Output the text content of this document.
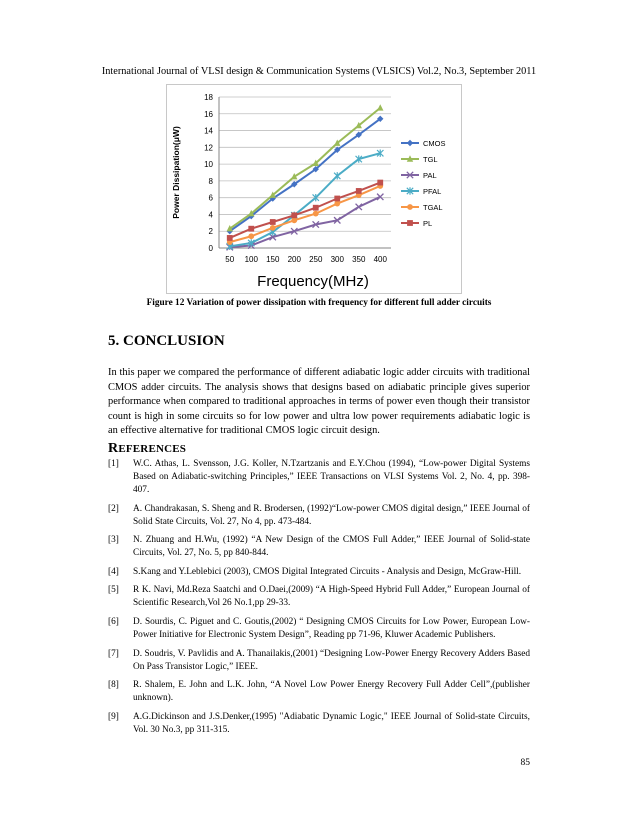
International Journal of VLSI design & Communication Systems (VLSICS) Vol.2, No.3, September 2011
0
2
4
6
8
10
12
14
16
18
50 100 150 200 250 300 350 400
Power Dissipation(μW)	CMOS
TGL
PAL
PFAL
TGAL
PL
Frequency(MHz)
Figure 12 Variation of power dissipation with frequency for different full adder circuits
5. CONCLUSION
In this paper we compared the performance of different adiabatic logic adder circuits with traditional CMOS adder circuits. The analysis shows that designs based on adiabatic principle gives superior performance when compared to traditional approaches in terms of power even though their transistor count is high in some circuits so for low power and ultra low power requirements adiabatic logic is an effective alternative for traditional CMOS logic circuit design.
REFERENCES
[1] W.C. Athas, L. Svensson, J.G. Koller, N.Tzartzanis and E.Y.Chou (1994), “Low-power Digital Systems Based on Adiabatic-switching Principles,” IEEE Transactions on VLSI Systems Vol. 2, No. 4, pp. 398-407.
[2] A. Chandrakasan, S. Sheng and R. Brodersen, (1992)“Low-power CMOS digital design,” IEEE Journal of Solid State Circuits, Vol. 27, No 4, pp. 473-484.
[3] N. Zhuang and H.Wu, (1992) “A New Design of the CMOS Full Adder,” IEEE Journal of Solid-state Circuits, Vol. 27, No. 5, pp 840-844.
[4] S.Kang and Y.Leblebici (2003), CMOS Digital Integrated Circuits - Analysis and Design, McGraw-Hill.
[5] R K. Navi, Md.Reza Saatchi and O.Daei,(2009) “A High-Speed Hybrid Full Adder,” European Journal of Scientific Research,Vol 26 No.1,pp 29-33.
[6] D. Sourdis, C. Piguet and C. Goutis,(2002) “ Designing CMOS Circuits for Low Power, European Low-Power Initiative for Electronic System Design”, Reading pp 71-96, Kluwer Academic Publishers.
[7] D. Soudris, V. Pavlidis and A. Thanailakis,(2001) “Designing Low-Power Energy Recovery Adders Based On Pass Transistor Logic,” IEEE.
[8] R. Shalem, E. John and L.K. John, “A Novel Low Power Energy Recovery Full Adder Cell”,(publisher unknown).
[9] A.G.Dickinson and J.S.Denker,(1995) "Adiabatic Dynamic Logic," IEEE Journal of Solid-state Circuits, Vol. 30 No.3, pp 311-315.
85
